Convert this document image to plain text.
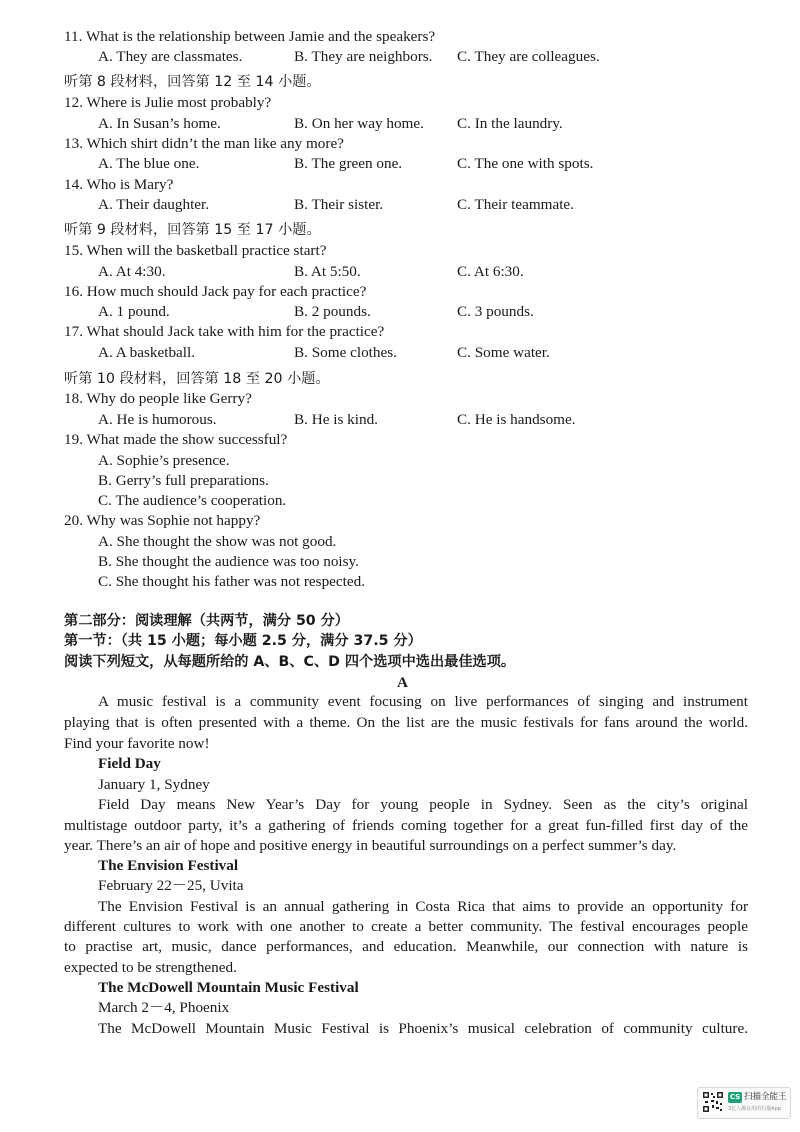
11. What is the relationship between Jamie and the speakers?
A. They are classmates.	B. They are neighbors. C. They are colleagues.
听第 8 段材料，回答第 12 至 14 小题。
12. Where is Julie most probably?
A. In Susan’s home.	B. On her way home. C. In the laundry.
13. Which shirt didn’t the man like any more?
A. The blue one.	B. The green one.	C. The one with spots.
14. Who is Mary?
A. Their daughter.	B. Their sister.	C. Their teammate.
听第 9 段材料，回答第 15 至 17 小题。
15. When will the basketball practice start?
A. At 4:30.	B. At 5:50.	C. At 6:30.
16. How much should Jack pay for each practice?
A. 1 pound.	B. 2 pounds.	C. 3 pounds.
17. What should Jack take with him for the practice?
A. A basketball.	B. Some clothes.	C. Some water.
听第 10 段材料，回答第 18 至 20 小题。
18. Why do people like Gerry?
A. He is humorous.	B. He is kind.	C. He is handsome.
19. What made the show successful?
A. Sophie’s presence.
B. Gerry’s full preparations.
C. The audience’s cooperation.
20. Why was Sophie not happy?
A. She thought the show was not good.
B. She thought the audience was too noisy.
C. She thought his father was not respected.
第二部分：阅读理解（共两节，满分 50 分）
第一节：（共 15 小题；每小题 2.5 分，满分 37.5 分）
阅读下列短文，从每题所给的 A、B、C、D 四个选项中选出最佳选项。
A
A music festival is a community event focusing on live performances of singing and instrument
playing that is often presented with a theme. On the list are the music festivals for fans around the world.
Find your favorite now!
Field Day
January 1, Sydney
Field Day means New Year’s Day for young people in Sydney. Seen as the city’s original
multistage outdoor party, it’s a gathering of friends coming together for a great fun-filled first day of the
year. There’s an air of hope and positive energy in beautiful surroundings on a perfect summer’s day.
The Envision Festival
February 22－25, Uvita
The Envision Festival is an annual gathering in Costa Rica that aims to provide an opportunity for
different cultures to work with one another to create a better community. The festival encourages people
to practise art, music, dance performances, and education. Meanwhile, our connection with nature is
expected to be strengthened.
The McDowell Mountain Music Festival
March 2－4, Phoenix
The McDowell Mountain Music Festival is Phoenix’s musical celebration of community culture.
CS 扫描全能王
3亿人都在用的扫描App
